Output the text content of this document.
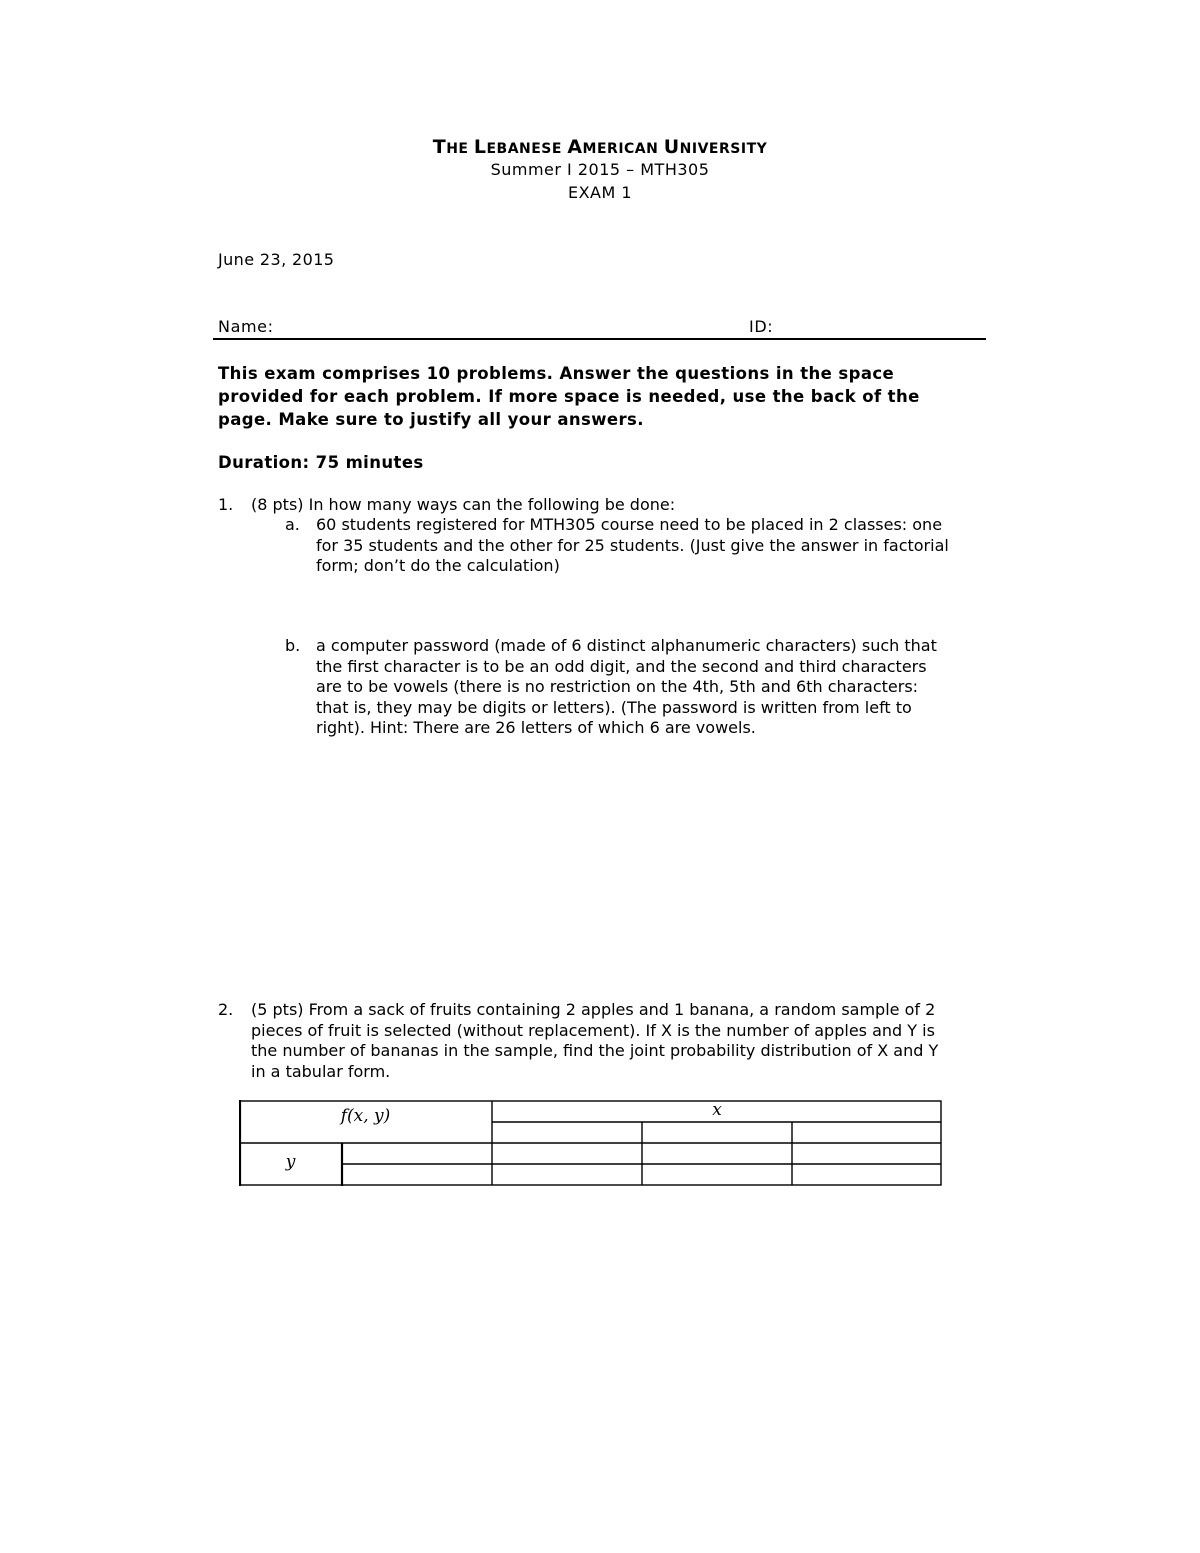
THE LEBANESE AMERICAN UNIVERSITY
Summer I 2015 – MTH305
EXAM 1
June 23, 2015
Name:	ID:
This exam comprises 10 problems. Answer the questions in the space
provided for each problem. If more space is needed, use the back of the
page. Make sure to justify all your answers.
Duration: 75 minutes
1. (8 pts) In how many ways can the following be done:
a. 60 students registered for MTH305 course need to be placed in 2 classes: one
for 35 students and the other for 25 students. (Just give the answer in factorial
form; don’t do the calculation)
b. a computer password (made of 6 distinct alphanumeric characters) such that
the first character is to be an odd digit, and the second and third characters
are to be vowels (there is no restriction on the 4th, 5th and 6th characters:
that is, they may be digits or letters). (The password is written from left to
right). Hint: There are 26 letters of which 6 are vowels.
2. (5 pts) From a sack of fruits containing 2 apples and 1 banana, a random sample of 2
pieces of fruit is selected (without replacement). If X is the number of apples and Y is
the number of bananas in the sample, find the joint probability distribution of X and Y
in a tabular form.
f(x, y)	x
y
